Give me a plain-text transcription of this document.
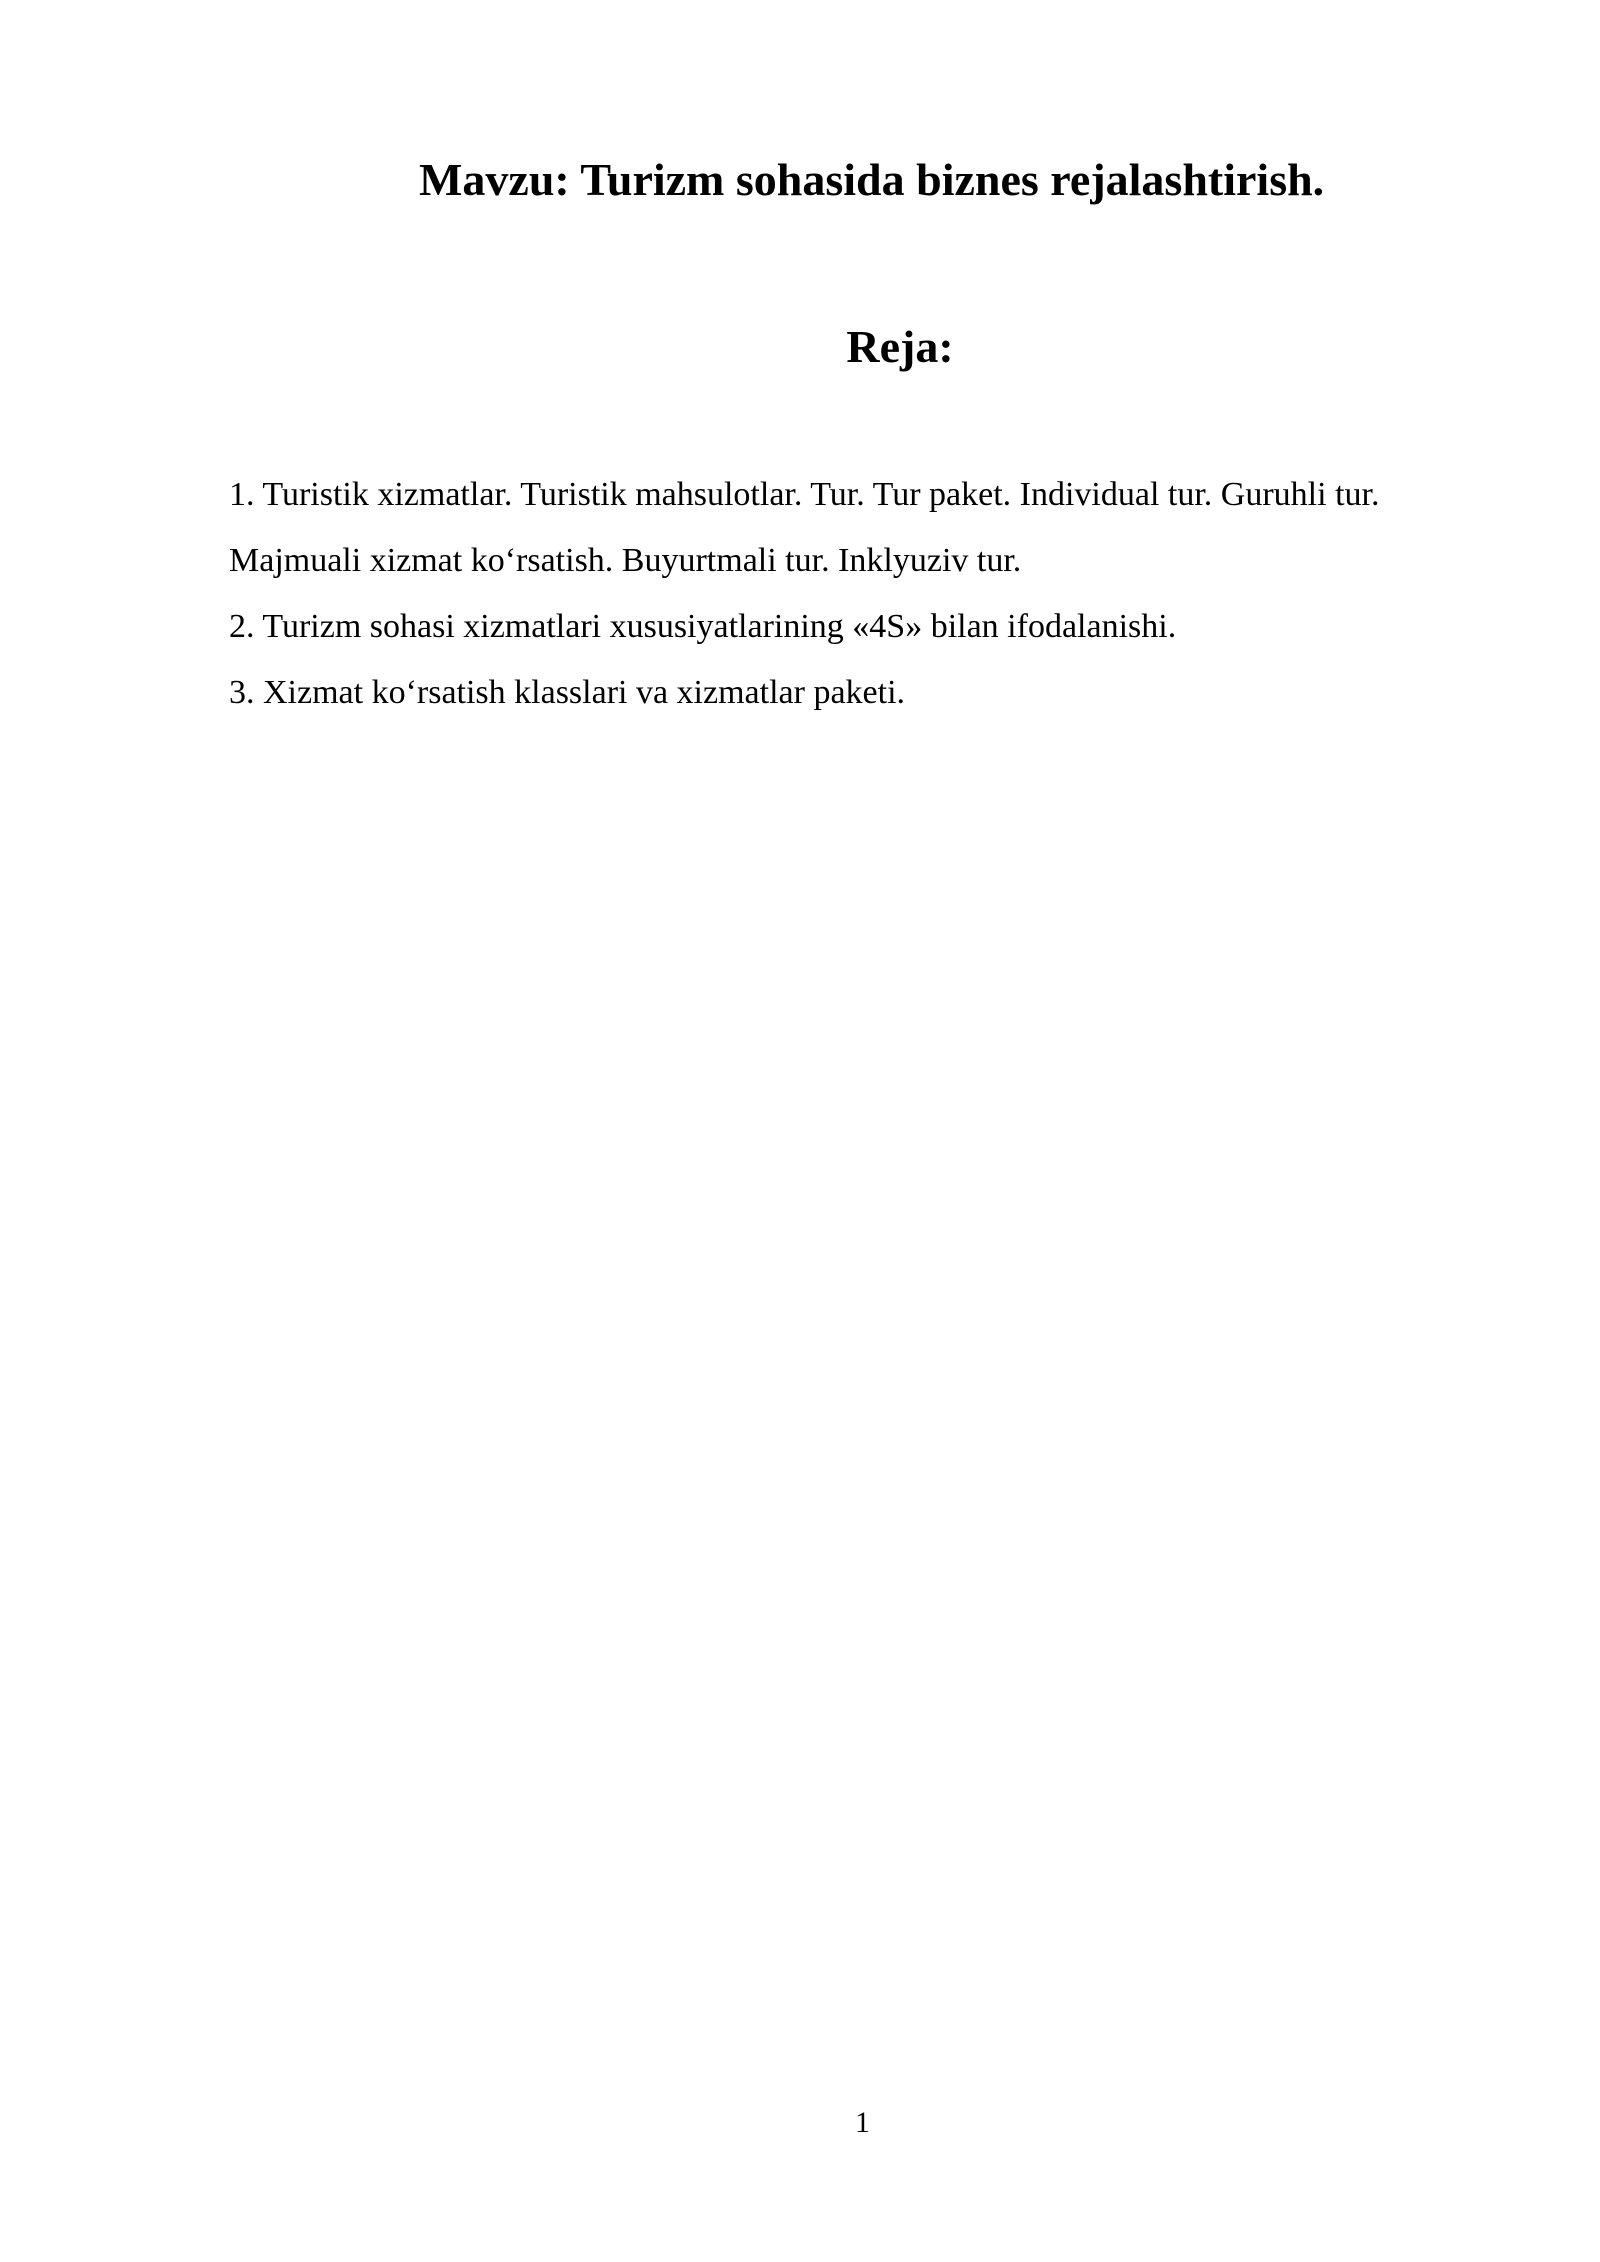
Mavzu: Turizm sohasida biznes rejalashtirish.
Reja:
1. Turistik xizmatlar. Turistik mahsulotlar. Tur. Tur paket. Individual tur. Guruhli tur. Majmuali xizmat ko‘rsatish. Buyurtmali tur. Inklyuziv tur.
2. Turizm sohasi xizmatlari xususiyatlarining «4S» bilan ifodalanishi.
3. Xizmat ko‘rsatish klasslari va xizmatlar paketi.
1
